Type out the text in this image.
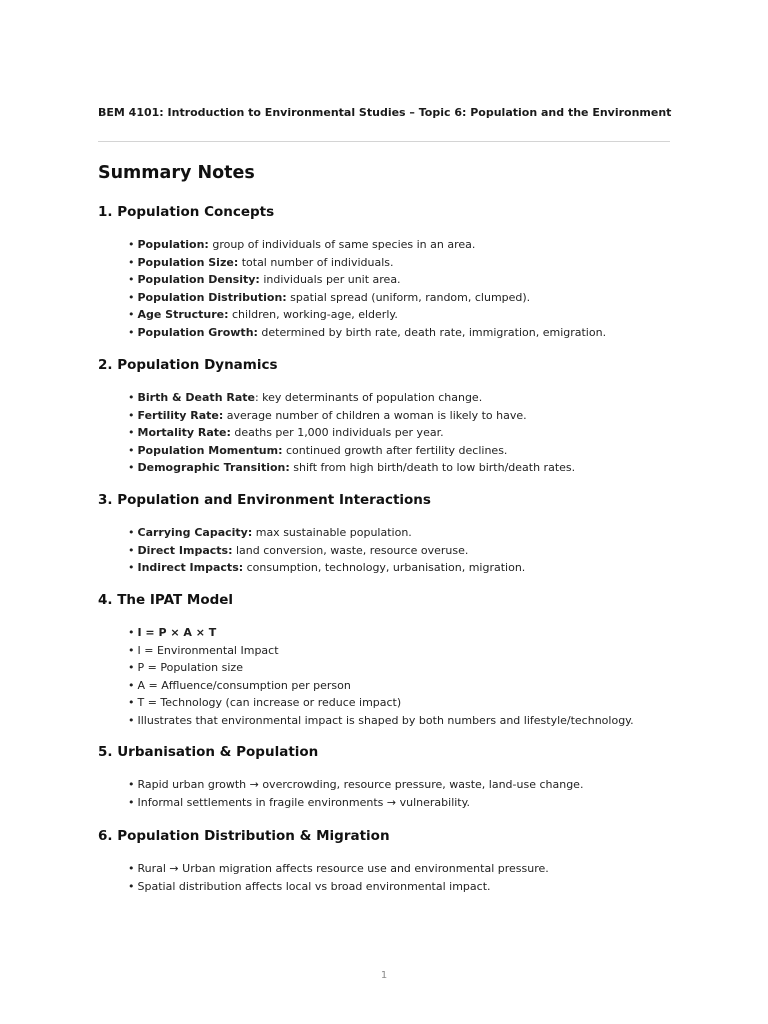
BEM 4101: Introduction to Environmental Studies – Topic 6: Population and the Environment
Summary Notes
1. Population Concepts
• Population: group of individuals of same species in an area.
• Population Size: total number of individuals.
• Population Density: individuals per unit area.
• Population Distribution: spatial spread (uniform, random, clumped).
• Age Structure: children, working-age, elderly.
• Population Growth: determined by birth rate, death rate, immigration, emigration.
2. Population Dynamics
• Birth & Death Rate: key determinants of population change.
• Fertility Rate: average number of children a woman is likely to have.
• Mortality Rate: deaths per 1,000 individuals per year.
• Population Momentum: continued growth after fertility declines.
• Demographic Transition: shift from high birth/death to low birth/death rates.
3. Population and Environment Interactions
• Carrying Capacity: max sustainable population.
• Direct Impacts: land conversion, waste, resource overuse.
• Indirect Impacts: consumption, technology, urbanisation, migration.
4. The IPAT Model
• I = P × A × T
• I = Environmental Impact
• P = Population size
• A = Affluence/consumption per person
• T = Technology (can increase or reduce impact)
• Illustrates that environmental impact is shaped by both numbers and lifestyle/technology.
5. Urbanisation & Population
• Rapid urban growth → overcrowding, resource pressure, waste, land-use change.
• Informal settlements in fragile environments → vulnerability.
6. Population Distribution & Migration
• Rural → Urban migration affects resource use and environmental pressure.
• Spatial distribution affects local vs broad environmental impact.
1
